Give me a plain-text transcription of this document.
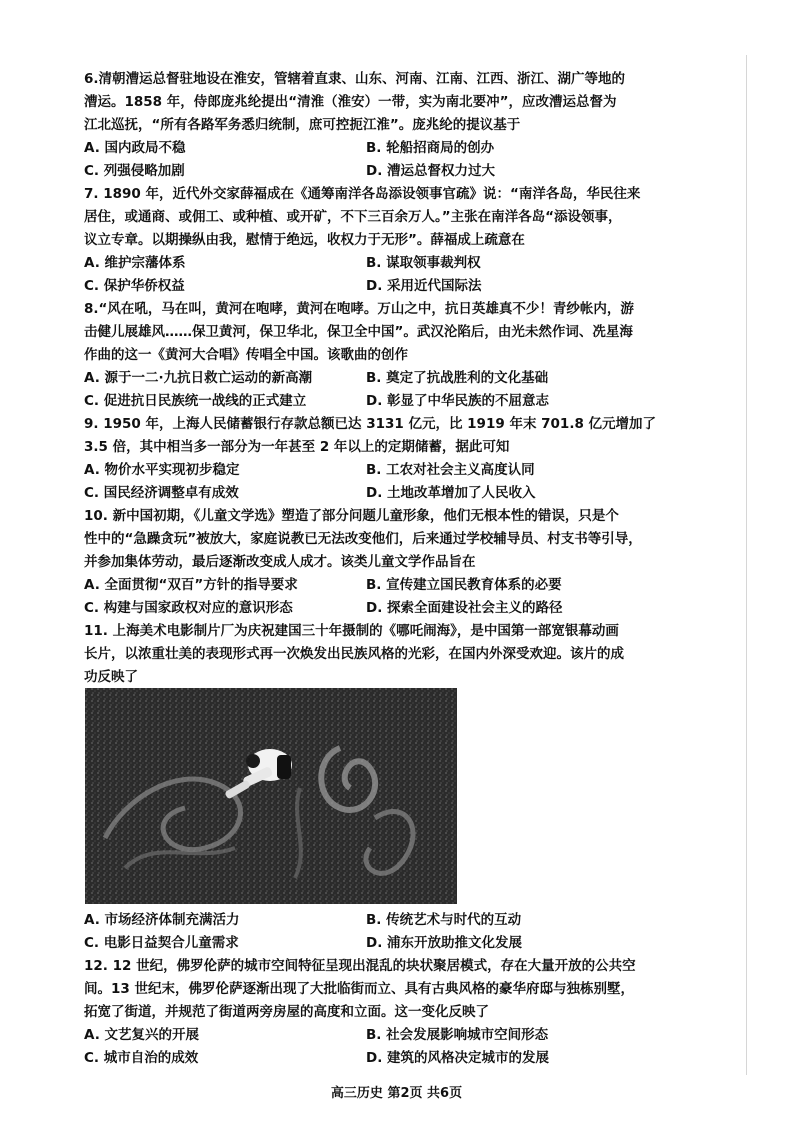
6.清朝漕运总督驻地设在淮安，管辖着直隶、山东、河南、江南、江西、浙江、湖广等地的

漕运。1858 年，侍郎庞兆纶提出“清淮（淮安）一带，实为南北要冲”，应改漕运总督为

江北巡抚，“所有各路军务悉归统制，庶可控扼江淮”。庞兆纶的提议基于

A. 国内政局不稳	B. 轮船招商局的创办
C. 列强侵略加剧	D. 漕运总督权力过大

7. 1890 年，近代外交家薛福成在《通筹南洋各岛添设领事官疏》说：“南洋各岛，华民往来

居住，或通商、或佣工、或种植、或开矿，不下三百余万人。”主张在南洋各岛“添设领事，

议立专章。以期操纵由我，慰情于绝远，收权力于无形”。薛福成上疏意在

A. 维护宗藩体系	B. 谋取领事裁判权
C. 保护华侨权益	D. 采用近代国际法

8.“风在吼，马在叫，黄河在咆哮，黄河在咆哮。万山之中，抗日英雄真不少！青纱帐内，游

击健儿展雄风……保卫黄河，保卫华北，保卫全中国”。武汉沦陷后，由光未然作词、冼星海

作曲的这一《黄河大合唱》传唱全中国。该歌曲的创作

A. 源于一二·九抗日救亡运动的新高潮	B. 奠定了抗战胜利的文化基础
C. 促进抗日民族统一战线的正式建立	D. 彰显了中华民族的不屈意志

9. 1950 年，上海人民储蓄银行存款总额已达 3131 亿元，比 1919 年末 701.8 亿元增加了

3.5 倍，其中相当多一部分为一年甚至 2 年以上的定期储蓄，据此可知

A. 物价水平实现初步稳定	B. 工农对社会主义高度认同
C. 国民经济调整卓有成效	D. 土地改革增加了人民收入

10. 新中国初期，《儿童文学选》塑造了部分问题儿童形象，他们无根本性的错误，只是个

性中的“急躁贪玩”被放大，家庭说教已无法改变他们，后来通过学校辅导员、村支书等引导，

并参加集体劳动，最后逐渐改变成人成才。该类儿童文学作品旨在

A. 全面贯彻“双百”方针的指导要求	B. 宣传建立国民教育体系的必要
C. 构建与国家政权对应的意识形态	D. 探索全面建设社会主义的路径

11. 上海美术电影制片厂为庆祝建国三十年摄制的《哪吒闹海》，是中国第一部宽银幕动画

长片，以浓重壮美的表现形式再一次焕发出民族风格的光彩，在国内外深受欢迎。该片的成

功反映了

A. 市场经济体制充满活力	B. 传统艺术与时代的互动
C. 电影日益契合儿童需求	D. 浦东开放助推文化发展

12. 12 世纪，佛罗伦萨的城市空间特征呈现出混乱的块状聚居模式，存在大量开放的公共空

间。13 世纪末，佛罗伦萨逐渐出现了大批临街而立、具有古典风格的豪华府邸与独栋别墅，

拓宽了街道，并规范了街道两旁房屋的高度和立面。这一变化反映了

A. 文艺复兴的开展	B. 社会发展影响城市空间形态
C. 城市自治的成效	D. 建筑的风格决定城市的发展
高三历史 第2页 共6页
